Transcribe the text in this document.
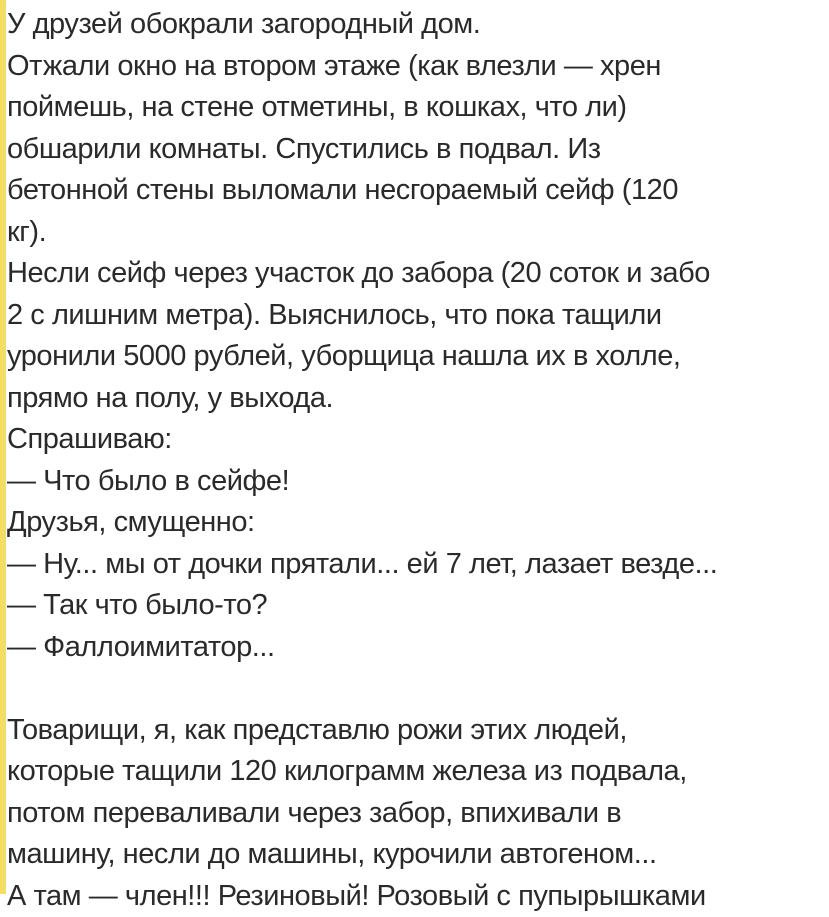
У друзей обокрали загородный дом.
Отжали окно на втором этаже (как влезли — хрен
поймешь, на стене отметины, в кошках, что ли)
обшарили комнаты. Спустились в подвал. Из
бетонной стены выломали несгораемый сейф (120
кг).
Несли сейф через участок до забора (20 соток и забо
2 с лишним метра). Выяснилось, что пока тащили
уронили 5000 рублей, уборщица нашла их в холле,
прямо на полу, у выхода.
Спрашиваю:
— Что было в сейфе!
Друзья, смущенно:
— Ну... мы от дочки прятали... ей 7 лет, лазает везде...
— Так что было-то?
— Фаллоимитатор...
Товарищи, я, как представлю рожи этих людей,
которые тащили 120 килограмм железа из подвала,
потом переваливали через забор, впихивали в
машину, несли до машины, курочили автогеном...
А там — член!!! Резиновый! Розовый с пупырышками
